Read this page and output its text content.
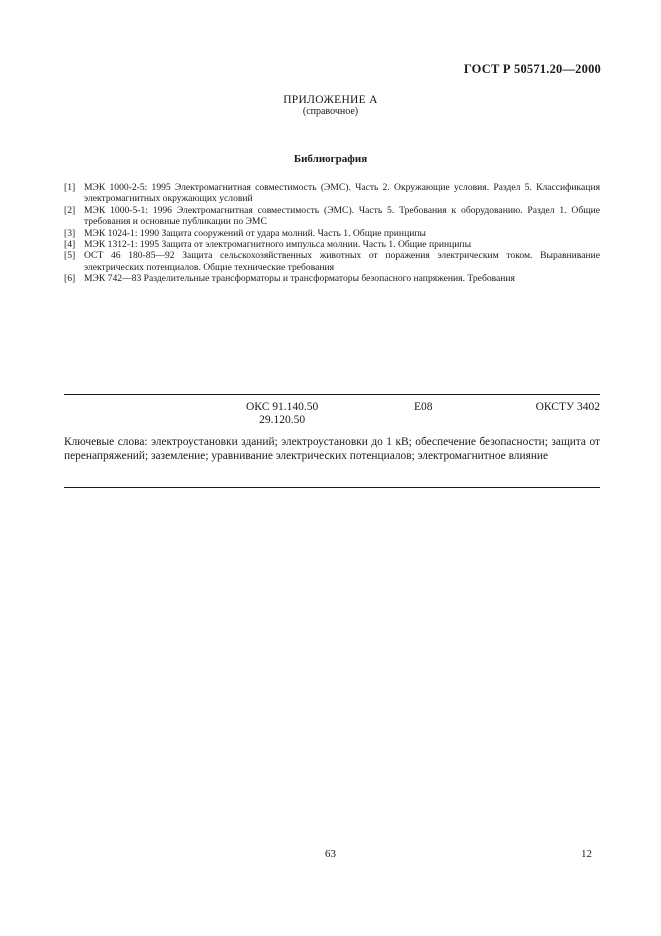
ГОСТ Р 50571.20—2000
ПРИЛОЖЕНИЕ А
(справочное)
Библиография
[1] МЭК 1000-2-5: 1995 Электромагнитная совместимость (ЭМС). Часть 2. Окружающие условия. Раздел 5. Классификация электромагнитных окружающих условий
[2] МЭК 1000-5-1: 1996 Электромагнитная совместимость (ЭМС). Часть 5. Требования к оборудованию. Раздел 1. Общие требования и основные публикации по ЭМС
[3] МЭК 1024-1: 1990 Защита сооружений от удара молний. Часть 1. Общие принципы
[4] МЭК 1312-1: 1995 Защита от электромагнитного импульса молнии. Часть 1. Общие принципы
[5] ОСТ 46 180-85—92 Защита сельскохозяйственных животных от поражения электрическим током. Выравнивание электрических потенциалов. Общие технические требования
[6] МЭК 742—83 Разделительные трансформаторы и трансформаторы безопасного напряжения. Требования
ОКС 91.140.50
29.120.50
Е08	ОКСТУ 3402
Ключевые слова: электроустановки зданий; электроустановки до 1 кВ; обеспечение безопасности; защита от перенапряжений; заземление; уравнивание электрических потенциалов; электромагнитное влияние
63	12
